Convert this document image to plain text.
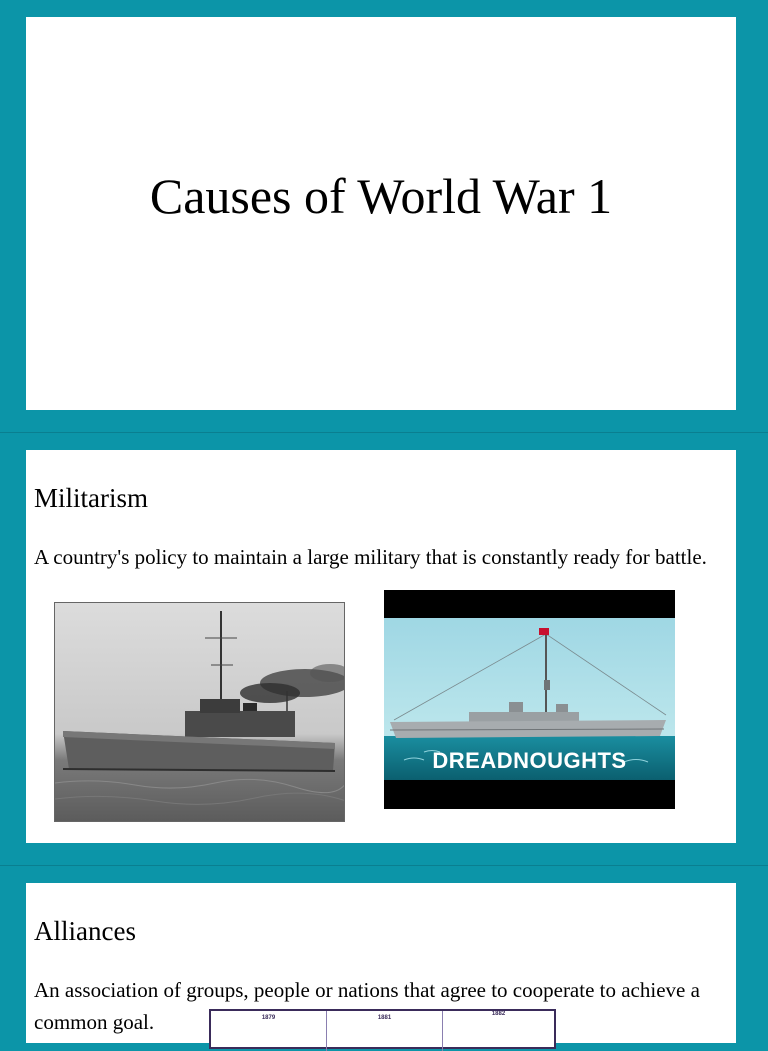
Causes of World War 1
Militarism
A country's policy to maintain a large military that is constantly ready for battle.
DREADNOUGHTS
Alliances
An association of groups, people or nations that agree to cooperate to achieve a common goal.	1879	1881
1882
